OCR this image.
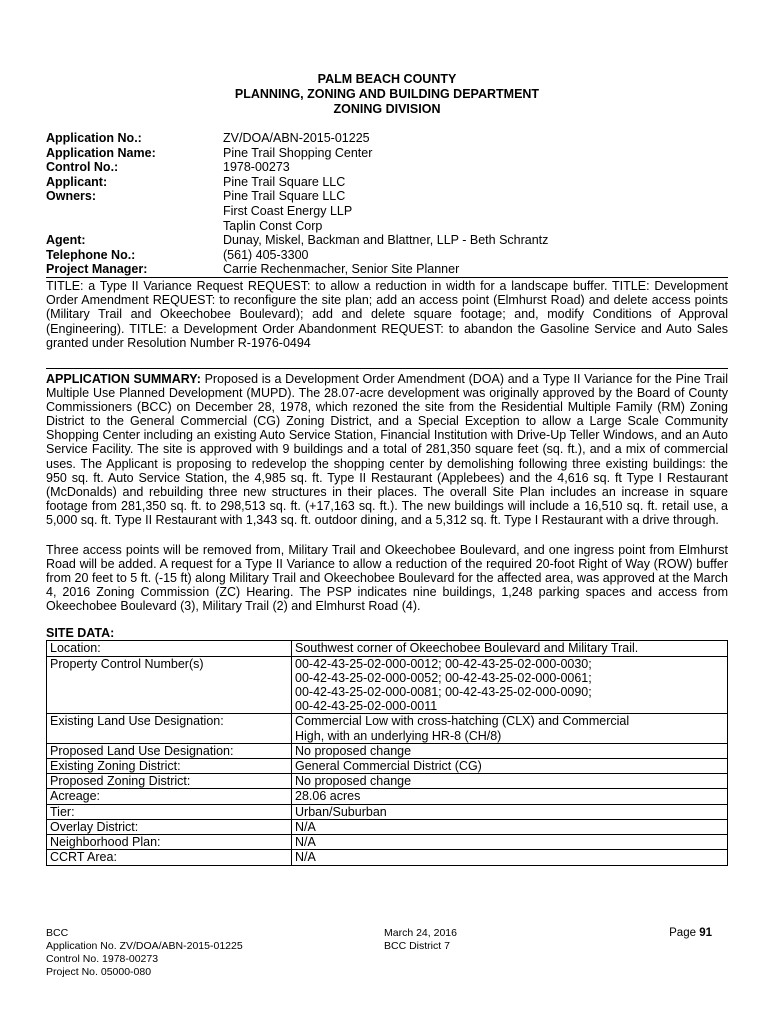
PALM BEACH COUNTY
PLANNING, ZONING AND BUILDING DEPARTMENT
ZONING DIVISION
Application No.:	ZV/DOA/ABN-2015-01225
Application Name:	Pine Trail Shopping Center
Control No.:	1978-00273
Applicant:	Pine Trail Square LLC
Owners:	Pine Trail Square LLC
First Coast Energy LLP
Taplin Const Corp
Agent:	Dunay, Miskel, Backman and Blattner, LLP - Beth Schrantz
Telephone No.:	(561) 405-3300
Project Manager:	Carrie Rechenmacher, Senior Site Planner

TITLE: a Type II Variance Request REQUEST: to allow a reduction in width for a landscape buffer. TITLE: Development Order Amendment REQUEST: to reconfigure the site plan; add an access point (Elmhurst Road) and delete access points (Military Trail and Okeechobee Boulevard); add and delete square footage; and, modify Conditions of Approval (Engineering). TITLE: a Development Order Abandonment REQUEST: to abandon the Gasoline Service and Auto Sales granted under Resolution Number R-1976-0494

APPLICATION SUMMARY: Proposed is a Development Order Amendment (DOA) and a Type II Variance for the Pine Trail Multiple Use Planned Development (MUPD). The 28.07-acre development was originally approved by the Board of County Commissioners (BCC) on December 28, 1978, which rezoned the site from the Residential Multiple Family (RM) Zoning District to the General Commercial (CG) Zoning District, and a Special Exception to allow a Large Scale Community Shopping Center including an existing Auto Service Station, Financial Institution with Drive-Up Teller Windows, and an Auto Service Facility. The site is approved with 9 buildings and a total of 281,350 square feet (sq. ft.), and a mix of commercial uses. The Applicant is proposing to redevelop the shopping center by demolishing following three existing buildings: the 950 sq. ft. Auto Service Station, the 4,985 sq. ft. Type II Restaurant (Applebees) and the 4,616 sq. ft Type I Restaurant (McDonalds) and rebuilding three new structures in their places. The overall Site Plan includes an increase in square footage from 281,350 sq. ft. to 298,513 sq. ft. (+17,163 sq. ft.). The new buildings will include a 16,510 sq. ft. retail use, a 5,000 sq. ft. Type II Restaurant with 1,343 sq. ft. outdoor dining, and a 5,312 sq. ft. Type I Restaurant with a drive through.

Three access points will be removed from, Military Trail and Okeechobee Boulevard, and one ingress point from Elmhurst Road will be added. A request for a Type II Variance to allow a reduction of the required 20-foot Right of Way (ROW) buffer from 20 feet to 5 ft. (-15 ft) along Military Trail and Okeechobee Boulevard for the affected area, was approved at the March 4, 2016 Zoning Commission (ZC) Hearing. The PSP indicates nine buildings, 1,248 parking spaces and access from Okeechobee Boulevard (3), Military Trail (2) and Elmhurst Road (4).

SITE DATA:
Location:	Southwest corner of Okeechobee Boulevard and Military Trail.

Property Control Number(s)	00-42-43-25-02-000-0012; 00-42-43-25-02-000-0030;
00-42-43-25-02-000-0052; 00-42-43-25-02-000-0061;
00-42-43-25-02-000-0081; 00-42-43-25-02-000-0090;
00-42-43-25-02-000-0011

Existing Land Use Designation:	Commercial Low with cross-hatching (CLX) and Commercial
High, with an underlying HR-8 (CH/8)

Proposed Land Use Designation:	No proposed change

Existing Zoning District:	General Commercial District (CG)

Proposed Zoning District:	No proposed change

Acreage:	28.06 acres

Tier:	Urban/Suburban

Overlay District:	N/A

Neighborhood Plan:	N/A

CCRT Area:	N/A
BCC
Application No. ZV/DOA/ABN-2015-01225
Control No. 1978-00273
Project No. 05000-080
March 24, 2016
BCC District 7
Page 91
